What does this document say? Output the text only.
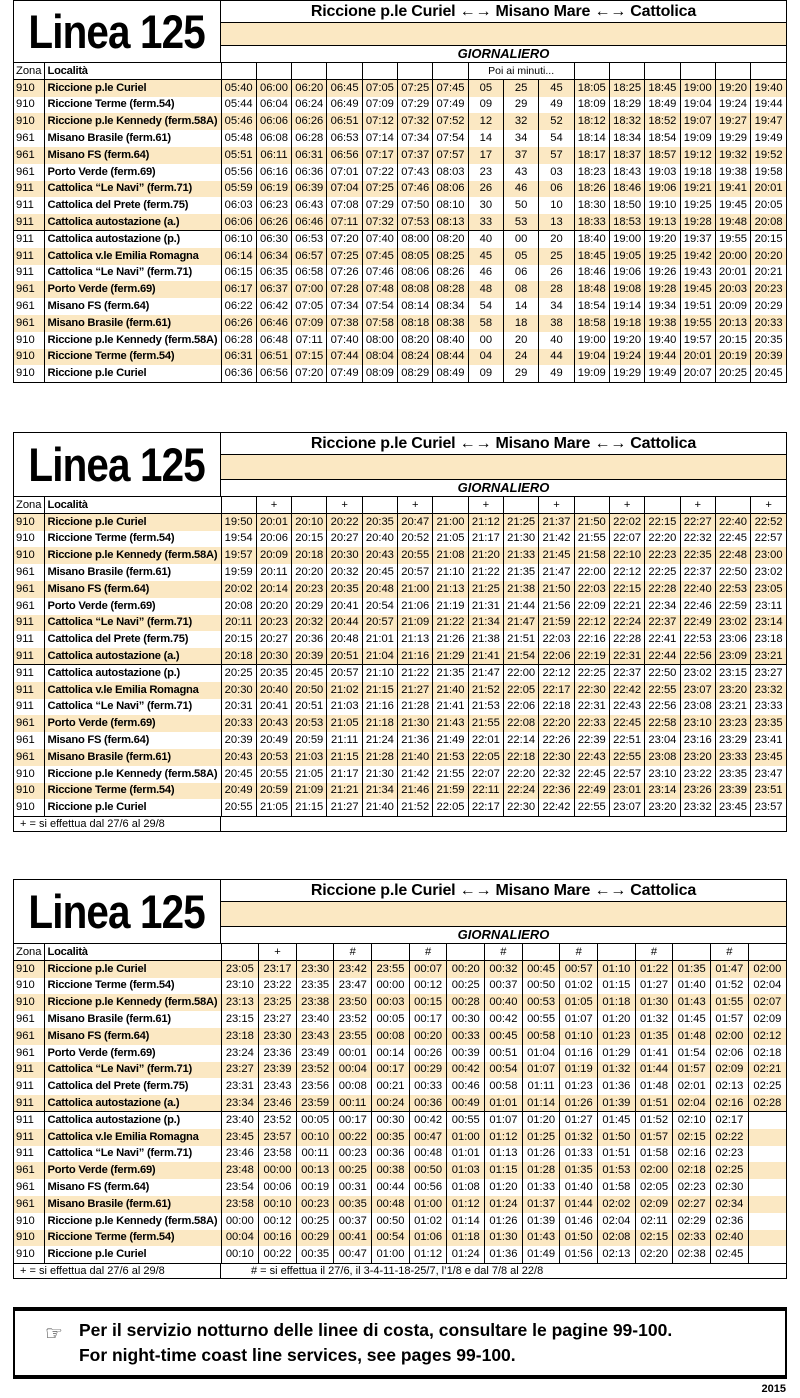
Linea 125	Riccione p.le Curiel ←→ Misano Mare ←→ Cattolica
GIORNALIERO
Zona	Località								Poi ai minuti...								
910	Riccione p.le Curiel	05:40	06:00	06:20	06:45	07:05	07:25	07:45	05	25	45	18:05	18:25	18:45	19:00	19:20	19:40
910	Riccione Terme (ferm.54)	05:44	06:04	06:24	06:49	07:09	07:29	07:49	09	29	49	18:09	18:29	18:49	19:04	19:24	19:44
910	Riccione p.le Kennedy (ferm.58A)	05:46	06:06	06:26	06:51	07:12	07:32	07:52	12	32	52	18:12	18:32	18:52	19:07	19:27	19:47
961	Misano Brasile (ferm.61)	05:48	06:08	06:28	06:53	07:14	07:34	07:54	14	34	54	18:14	18:34	18:54	19:09	19:29	19:49
961	Misano FS (ferm.64)	05:51	06:11	06:31	06:56	07:17	07:37	07:57	17	37	57	18:17	18:37	18:57	19:12	19:32	19:52
961	Porto Verde (ferm.69)	05:56	06:16	06:36	07:01	07:22	07:43	08:03	23	43	03	18:23	18:43	19:03	19:18	19:38	19:58
911	Cattolica “Le Navi” (ferm.71)	05:59	06:19	06:39	07:04	07:25	07:46	08:06	26	46	06	18:26	18:46	19:06	19:21	19:41	20:01
911	Cattolica del Prete (ferm.75)	06:03	06:23	06:43	07:08	07:29	07:50	08:10	30	50	10	18:30	18:50	19:10	19:25	19:45	20:05
911	Cattolica autostazione (a.)	06:06	06:26	06:46	07:11	07:32	07:53	08:13	33	53	13	18:33	18:53	19:13	19:28	19:48	20:08
911	Cattolica autostazione (p.)	06:10	06:30	06:53	07:20	07:40	08:00	08:20	40	00	20	18:40	19:00	19:20	19:37	19:55	20:15
911	Cattolica v.le Emilia Romagna	06:14	06:34	06:57	07:25	07:45	08:05	08:25	45	05	25	18:45	19:05	19:25	19:42	20:00	20:20
911	Cattolica “Le Navi” (ferm.71)	06:15	06:35	06:58	07:26	07:46	08:06	08:26	46	06	26	18:46	19:06	19:26	19:43	20:01	20:21
961	Porto Verde (ferm.69)	06:17	06:37	07:00	07:28	07:48	08:08	08:28	48	08	28	18:48	19:08	19:28	19:45	20:03	20:23
961	Misano FS (ferm.64)	06:22	06:42	07:05	07:34	07:54	08:14	08:34	54	14	34	18:54	19:14	19:34	19:51	20:09	20:29
961	Misano Brasile (ferm.61)	06:26	06:46	07:09	07:38	07:58	08:18	08:38	58	18	38	18:58	19:18	19:38	19:55	20:13	20:33
910	Riccione p.le Kennedy (ferm.58A)	06:28	06:48	07:11	07:40	08:00	08:20	08:40	00	20	40	19:00	19:20	19:40	19:57	20:15	20:35
910	Riccione Terme (ferm.54)	06:31	06:51	07:15	07:44	08:04	08:24	08:44	04	24	44	19:04	19:24	19:44	20:01	20:19	20:39
910	Riccione p.le Curiel	06:36	06:56	07:20	07:49	08:09	08:29	08:49	09	29	49	19:09	19:29	19:49	20:07	20:25	20:45
Linea 125	Riccione p.le Curiel ←→ Misano Mare ←→ Cattolica
GIORNALIERO
Zona	Località		+		+		+		+		+		+		+		+
910	Riccione p.le Curiel	19:50	20:01	20:10	20:22	20:35	20:47	21:00	21:12	21:25	21:37	21:50	22:02	22:15	22:27	22:40	22:52
910	Riccione Terme (ferm.54)	19:54	20:06	20:15	20:27	20:40	20:52	21:05	21:17	21:30	21:42	21:55	22:07	22:20	22:32	22:45	22:57
910	Riccione p.le Kennedy (ferm.58A)	19:57	20:09	20:18	20:30	20:43	20:55	21:08	21:20	21:33	21:45	21:58	22:10	22:23	22:35	22:48	23:00
961	Misano Brasile (ferm.61)	19:59	20:11	20:20	20:32	20:45	20:57	21:10	21:22	21:35	21:47	22:00	22:12	22:25	22:37	22:50	23:02
961	Misano FS (ferm.64)	20:02	20:14	20:23	20:35	20:48	21:00	21:13	21:25	21:38	21:50	22:03	22:15	22:28	22:40	22:53	23:05
961	Porto Verde (ferm.69)	20:08	20:20	20:29	20:41	20:54	21:06	21:19	21:31	21:44	21:56	22:09	22:21	22:34	22:46	22:59	23:11
911	Cattolica “Le Navi” (ferm.71)	20:11	20:23	20:32	20:44	20:57	21:09	21:22	21:34	21:47	21:59	22:12	22:24	22:37	22:49	23:02	23:14
911	Cattolica del Prete (ferm.75)	20:15	20:27	20:36	20:48	21:01	21:13	21:26	21:38	21:51	22:03	22:16	22:28	22:41	22:53	23:06	23:18
911	Cattolica autostazione (a.)	20:18	20:30	20:39	20:51	21:04	21:16	21:29	21:41	21:54	22:06	22:19	22:31	22:44	22:56	23:09	23:21
911	Cattolica autostazione (p.)	20:25	20:35	20:45	20:57	21:10	21:22	21:35	21:47	22:00	22:12	22:25	22:37	22:50	23:02	23:15	23:27
911	Cattolica v.le Emilia Romagna	20:30	20:40	20:50	21:02	21:15	21:27	21:40	21:52	22:05	22:17	22:30	22:42	22:55	23:07	23:20	23:32
911	Cattolica “Le Navi” (ferm.71)	20:31	20:41	20:51	21:03	21:16	21:28	21:41	21:53	22:06	22:18	22:31	22:43	22:56	23:08	23:21	23:33
961	Porto Verde (ferm.69)	20:33	20:43	20:53	21:05	21:18	21:30	21:43	21:55	22:08	22:20	22:33	22:45	22:58	23:10	23:23	23:35
961	Misano FS (ferm.64)	20:39	20:49	20:59	21:11	21:24	21:36	21:49	22:01	22:14	22:26	22:39	22:51	23:04	23:16	23:29	23:41
961	Misano Brasile (ferm.61)	20:43	20:53	21:03	21:15	21:28	21:40	21:53	22:05	22:18	22:30	22:43	22:55	23:08	23:20	23:33	23:45
910	Riccione p.le Kennedy (ferm.58A)	20:45	20:55	21:05	21:17	21:30	21:42	21:55	22:07	22:20	22:32	22:45	22:57	23:10	23:22	23:35	23:47
910	Riccione Terme (ferm.54)	20:49	20:59	21:09	21:21	21:34	21:46	21:59	22:11	22:24	22:36	22:49	23:01	23:14	23:26	23:39	23:51
910	Riccione p.le Curiel	20:55	21:05	21:15	21:27	21:40	21:52	22:05	22:17	22:30	22:42	22:55	23:07	23:20	23:32	23:45	23:57
+ = si effettua dal 27/6 al 29/8
Linea 125	Riccione p.le Curiel ←→ Misano Mare ←→ Cattolica
GIORNALIERO
Zona	Località		+		#		#		#		#		#		#	
910	Riccione p.le Curiel	23:05	23:17	23:30	23:42	23:55	00:07	00:20	00:32	00:45	00:57	01:10	01:22	01:35	01:47	02:00
910	Riccione Terme (ferm.54)	23:10	23:22	23:35	23:47	00:00	00:12	00:25	00:37	00:50	01:02	01:15	01:27	01:40	01:52	02:04
910	Riccione p.le Kennedy (ferm.58A)	23:13	23:25	23:38	23:50	00:03	00:15	00:28	00:40	00:53	01:05	01:18	01:30	01:43	01:55	02:07
961	Misano Brasile (ferm.61)	23:15	23:27	23:40	23:52	00:05	00:17	00:30	00:42	00:55	01:07	01:20	01:32	01:45	01:57	02:09
961	Misano FS (ferm.64)	23:18	23:30	23:43	23:55	00:08	00:20	00:33	00:45	00:58	01:10	01:23	01:35	01:48	02:00	02:12
961	Porto Verde (ferm.69)	23:24	23:36	23:49	00:01	00:14	00:26	00:39	00:51	01:04	01:16	01:29	01:41	01:54	02:06	02:18
911	Cattolica “Le Navi” (ferm.71)	23:27	23:39	23:52	00:04	00:17	00:29	00:42	00:54	01:07	01:19	01:32	01:44	01:57	02:09	02:21
911	Cattolica del Prete (ferm.75)	23:31	23:43	23:56	00:08	00:21	00:33	00:46	00:58	01:11	01:23	01:36	01:48	02:01	02:13	02:25
911	Cattolica autostazione (a.)	23:34	23:46	23:59	00:11	00:24	00:36	00:49	01:01	01:14	01:26	01:39	01:51	02:04	02:16	02:28
911	Cattolica autostazione (p.)	23:40	23:52	00:05	00:17	00:30	00:42	00:55	01:07	01:20	01:27	01:45	01:52	02:10	02:17	
911	Cattolica v.le Emilia Romagna	23:45	23:57	00:10	00:22	00:35	00:47	01:00	01:12	01:25	01:32	01:50	01:57	02:15	02:22	
911	Cattolica “Le Navi” (ferm.71)	23:46	23:58	00:11	00:23	00:36	00:48	01:01	01:13	01:26	01:33	01:51	01:58	02:16	02:23	
961	Porto Verde (ferm.69)	23:48	00:00	00:13	00:25	00:38	00:50	01:03	01:15	01:28	01:35	01:53	02:00	02:18	02:25	
961	Misano FS (ferm.64)	23:54	00:06	00:19	00:31	00:44	00:56	01:08	01:20	01:33	01:40	01:58	02:05	02:23	02:30	
961	Misano Brasile (ferm.61)	23:58	00:10	00:23	00:35	00:48	01:00	01:12	01:24	01:37	01:44	02:02	02:09	02:27	02:34	
910	Riccione p.le Kennedy (ferm.58A)	00:00	00:12	00:25	00:37	00:50	01:02	01:14	01:26	01:39	01:46	02:04	02:11	02:29	02:36	
910	Riccione Terme (ferm.54)	00:04	00:16	00:29	00:41	00:54	01:06	01:18	01:30	01:43	01:50	02:08	02:15	02:33	02:40	
910	Riccione p.le Curiel	00:10	00:22	00:35	00:47	01:00	01:12	01:24	01:36	01:49	01:56	02:13	02:20	02:38	02:45	
+ = si effettua dal 27/6 al 29/8	# = si effettua il 27/6, il 3-4-11-18-25/7, l’1/8 e dal 7/8 al 22/8
☞ Per il servizio notturno delle linee di costa, consultare le pagine 99-100.
For night-time coast line services, see pages 99-100.
2015
